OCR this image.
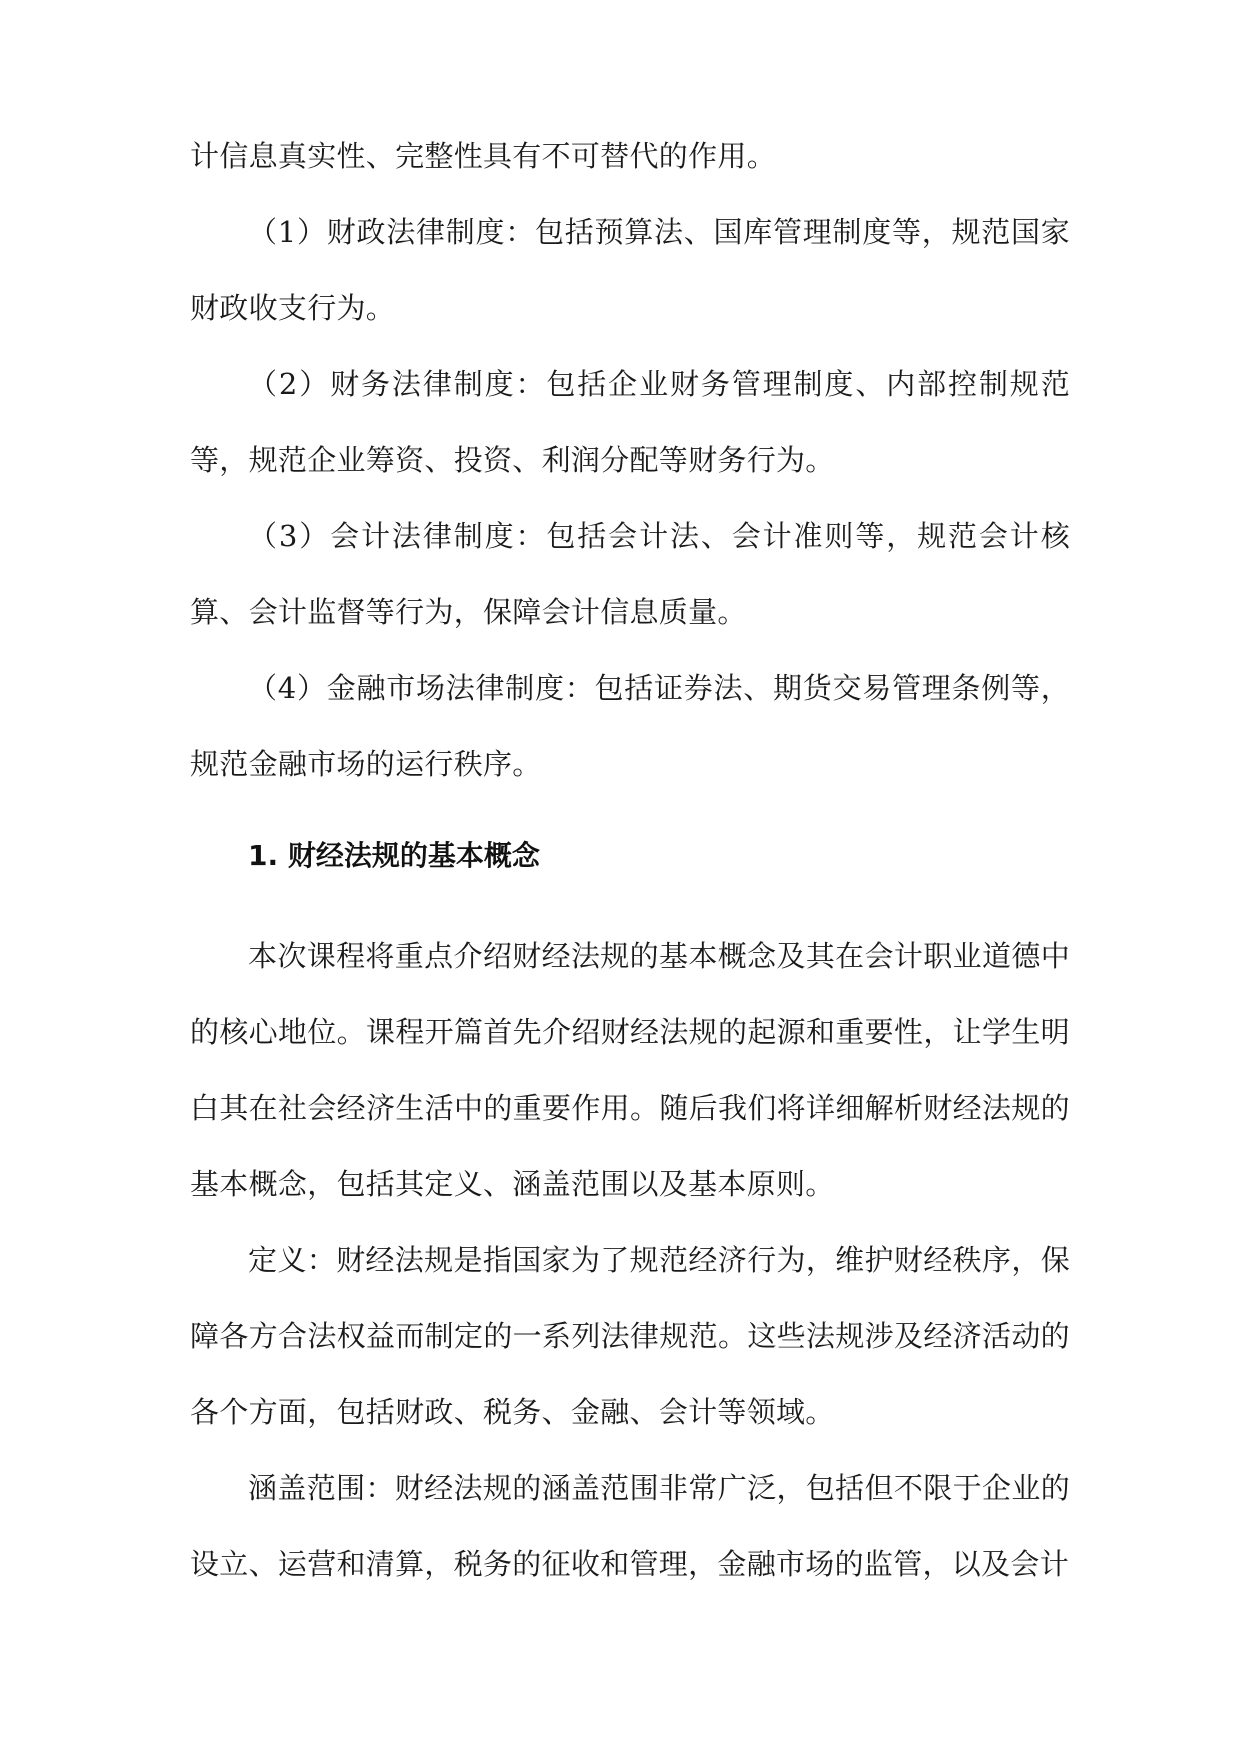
计信息真实性、完整性具有不可替代的作用。

（1）财政法律制度：包括预算法、国库管理制度等，规范国家财政收支行为。

（2）财务法律制度：包括企业财务管理制度、内部控制规范等，规范企业筹资、投资、利润分配等财务行为。

（3）会计法律制度：包括会计法、会计准则等，规范会计核算、会计监督等行为，保障会计信息质量。

（4）金融市场法律制度：包括证券法、期货交易管理条例等，规范金融市场的运行秩序。

1. 财经法规的基本概念

本次课程将重点介绍财经法规的基本概念及其在会计职业道德中的核心地位。课程开篇首先介绍财经法规的起源和重要性，让学生明白其在社会经济生活中的重要作用。随后我们将详细解析财经法规的基本概念，包括其定义、涵盖范围以及基本原则。

定义：财经法规是指国家为了规范经济行为，维护财经秩序，保障各方合法权益而制定的一系列法律规范。这些法规涉及经济活动的各个方面，包括财政、税务、金融、会计等领域。

涵盖范围：财经法规的涵盖范围非常广泛，包括但不限于企业的设立、运营和清算，税务的征收和管理，金融市场的监管，以及会计
